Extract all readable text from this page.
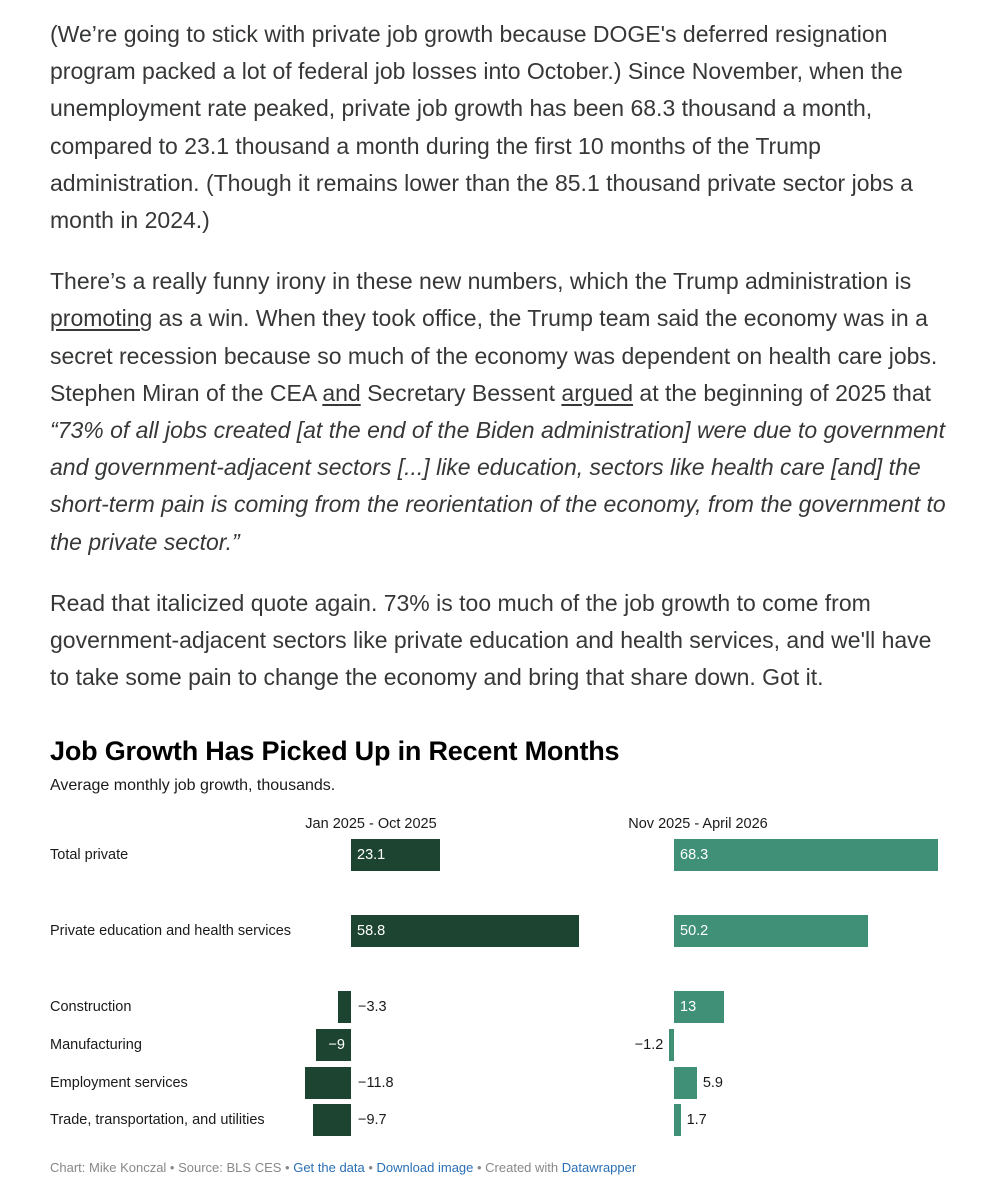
(We’re going to stick with private job growth because DOGE's deferred resignation program packed a lot of federal job losses into October.) Since November, when the unemployment rate peaked, private job growth has been 68.3 thousand a month, compared to 23.1 thousand a month during the first 10 months of the Trump administration. (Though it remains lower than the 85.1 thousand private sector jobs a month in 2024.)

There’s a really funny irony in these new numbers, which the Trump administration is promoting as a win. When they took office, the Trump team said the economy was in a secret recession because so much of the economy was dependent on health care jobs. Stephen Miran of the CEA and Secretary Bessent argued at the beginning of 2025 that “73% of all jobs created [at the end of the Biden administration] were due to government and government-adjacent sectors [...] like education, sectors like health care [and] the short-term pain is coming from the reorientation of the economy, from the government to the private sector.”

Read that italicized quote again. 73% is too much of the job growth to come from government-adjacent sectors like private education and health services, and we'll have to take some pain to change the economy and bring that share down. Got it.

Job Growth Has Picked Up in Recent Months
Average monthly job growth, thousands.
Jan 2025 - Oct 2025	Nov 2025 - April 2026
Total private
Private education and health services
Construction
Manufacturing
Employment services
Trade, transportation, and utilities
23.1
58.8
−3.3
−9
−11.8
−9.7
68.3
50.2
13
−1.2
5.9
1.7
Chart: Mike Konczal • Source: BLS CES • Get the data • Download image • Created with Datawrapper
